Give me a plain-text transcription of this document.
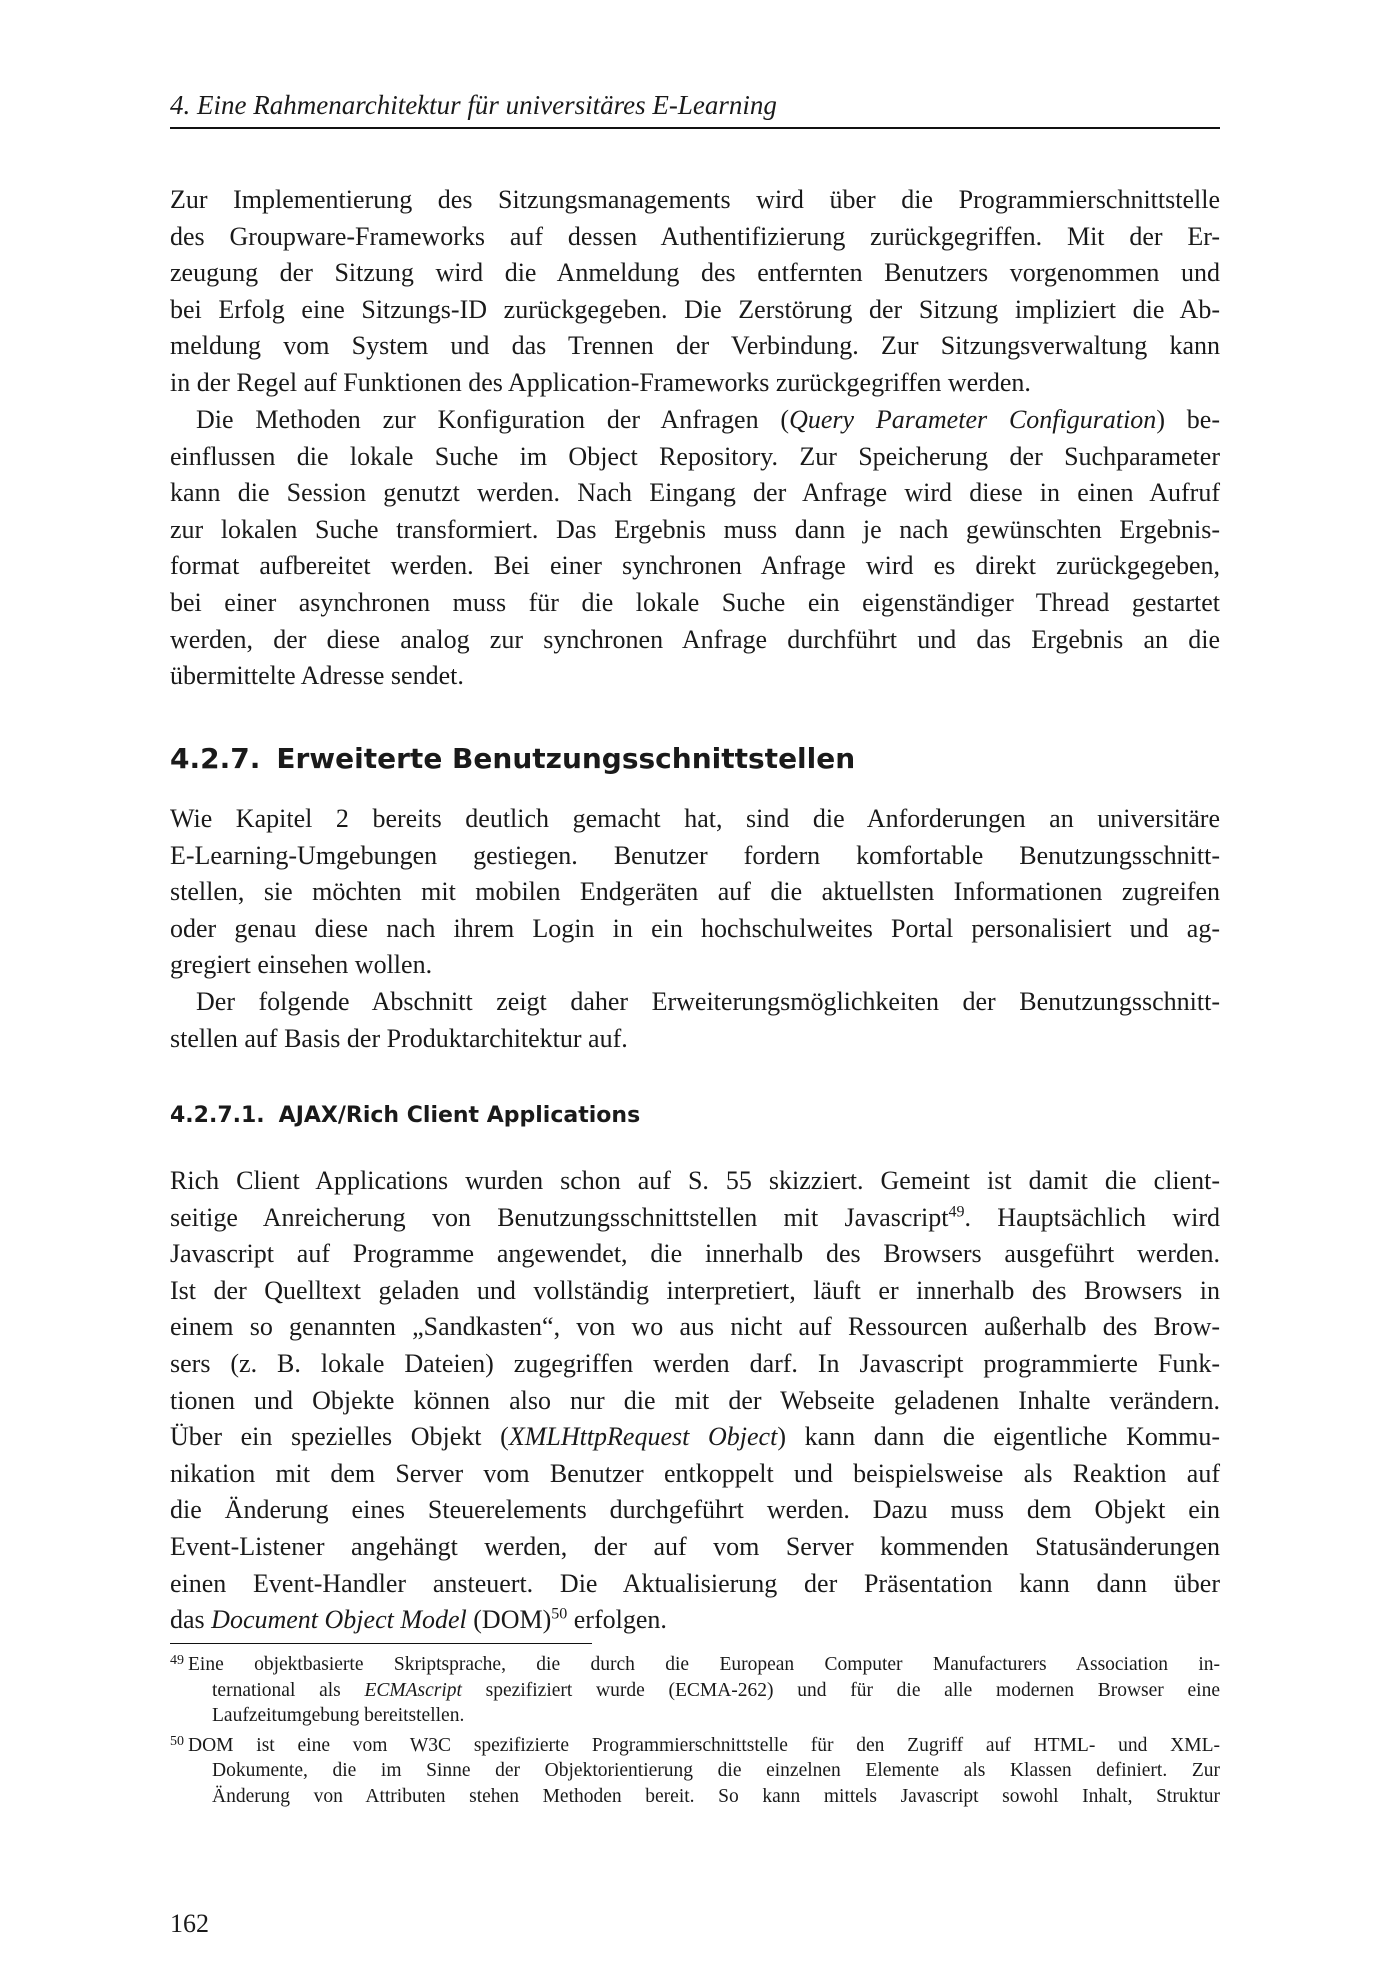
4. Eine Rahmenarchitektur für universitäres E-Learning
Zur Implementierung des Sitzungsmanagements wird über die Programmierschnittstelle
des Groupware-Frameworks auf dessen Authentifizierung zurückgegriffen. Mit der Er-
zeugung der Sitzung wird die Anmeldung des entfernten Benutzers vorgenommen und
bei Erfolg eine Sitzungs-ID zurückgegeben. Die Zerstörung der Sitzung impliziert die Ab-
meldung vom System und das Trennen der Verbindung. Zur Sitzungsverwaltung kann
in der Regel auf Funktionen des Application-Frameworks zurückgegriffen werden.
Die Methoden zur Konfiguration der Anfragen (Query Parameter Configuration) be-
einflussen die lokale Suche im Object Repository. Zur Speicherung der Suchparameter
kann die Session genutzt werden. Nach Eingang der Anfrage wird diese in einen Aufruf
zur lokalen Suche transformiert. Das Ergebnis muss dann je nach gewünschten Ergebnis-
format aufbereitet werden. Bei einer synchronen Anfrage wird es direkt zurückgegeben,
bei einer asynchronen muss für die lokale Suche ein eigenständiger Thread gestartet
werden, der diese analog zur synchronen Anfrage durchführt und das Ergebnis an die
übermittelte Adresse sendet.
4.2.7. Erweiterte Benutzungsschnittstellen
Wie Kapitel 2 bereits deutlich gemacht hat, sind die Anforderungen an universitäre
E-Learning-Umgebungen gestiegen. Benutzer fordern komfortable Benutzungsschnitt-
stellen, sie möchten mit mobilen Endgeräten auf die aktuellsten Informationen zugreifen
oder genau diese nach ihrem Login in ein hochschulweites Portal personalisiert und ag-
gregiert einsehen wollen.
Der folgende Abschnitt zeigt daher Erweiterungsmöglichkeiten der Benutzungsschnitt-
stellen auf Basis der Produktarchitektur auf.
4.2.7.1. AJAX/Rich Client Applications
Rich Client Applications wurden schon auf S. 55 skizziert. Gemeint ist damit die client-
seitige Anreicherung von Benutzungsschnittstellen mit Javascript$^{49}$. Hauptsächlich wird
Javascript auf Programme angewendet, die innerhalb des Browsers ausgeführt werden.
Ist der Quelltext geladen und vollständig interpretiert, läuft er innerhalb des Browsers in
einem so genannten „Sandkasten“, von wo aus nicht auf Ressourcen außerhalb des Brow-
sers (z. B. lokale Dateien) zugegriffen werden darf. In Javascript programmierte Funk-
tionen und Objekte können also nur die mit der Webseite geladenen Inhalte verändern.
Über ein spezielles Objekt (XMLHttpRequest Object) kann dann die eigentliche Kommu-
nikation mit dem Server vom Benutzer entkoppelt und beispielsweise als Reaktion auf
die Änderung eines Steuerelements durchgeführt werden. Dazu muss dem Objekt ein
Event-Listener angehängt werden, der auf vom Server kommenden Statusänderungen
einen Event-Handler ansteuert. Die Aktualisierung der Präsentation kann dann über
das Document Object Model (DOM)$^{50}$ erfolgen.
49 Eine objektbasierte Skriptsprache, die durch die European Computer Manufacturers Association in-
ternational als ECMAscript spezifiziert wurde (ECMA-262) und für die alle modernen Browser eine
Laufzeitumgebung bereitstellen.
50 DOM ist eine vom W3C spezifizierte Programmierschnittstelle für den Zugriff auf HTML- und XML-
Dokumente, die im Sinne der Objektorientierung die einzelnen Elemente als Klassen definiert. Zur
Änderung von Attributen stehen Methoden bereit. So kann mittels Javascript sowohl Inhalt, Struktur
162
